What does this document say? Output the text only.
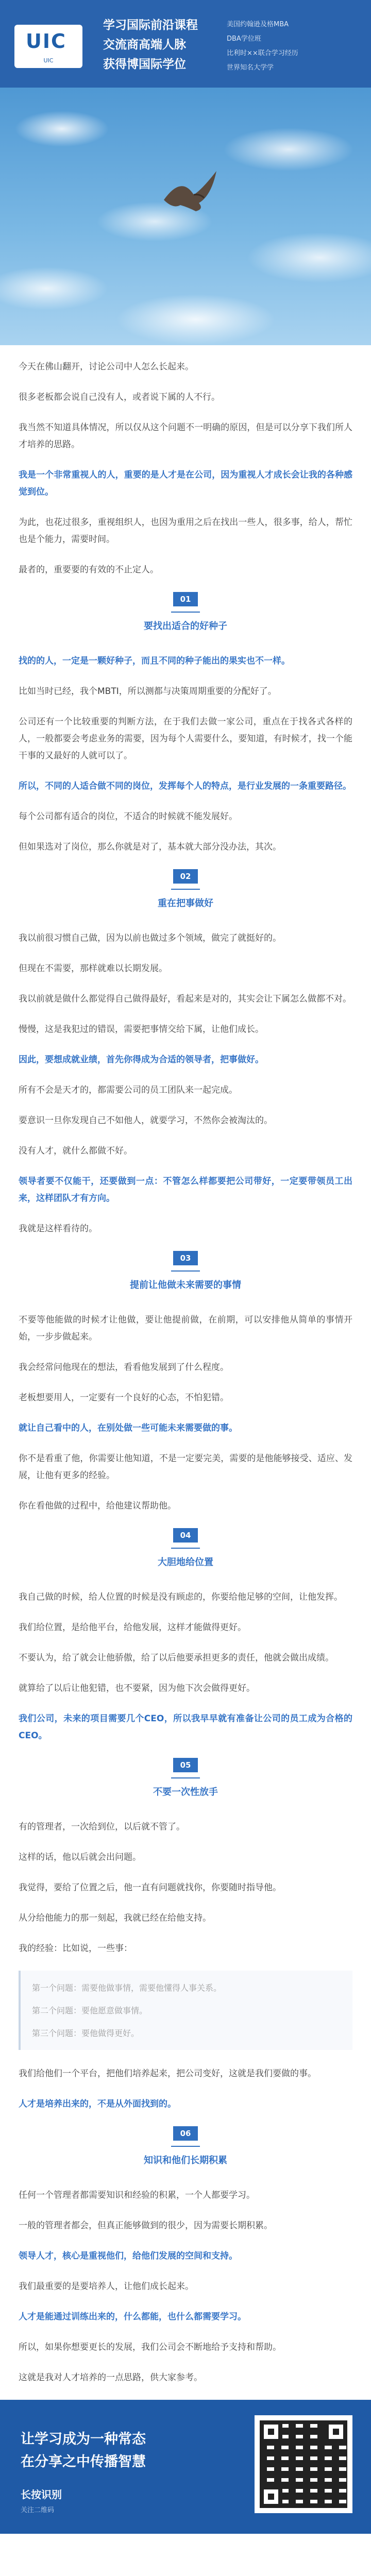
UIC
UIC
学习国际前沿课程
交流商高端人脉
获得博国际学位
美国约翰逊及格MBA
DBA学位班
比利时××联合学习经历
世界知名大学学

今天在佛山翻开，讨论公司中人怎么长起来。

很多老板都会说自己没有人，或者说下属的人不行。

我当然不知道具体情况，所以仅从这个问题不一明确的原因，但是可以分享下我们所人才培养的思路。

我是一个非常重视人的人，重要的是人才是在公司，因为重视人才成长会让我的各种感觉到位。

为此，也花过很多，重视组织人，也因为重用之后在找出一些人，很多事，给人，帮忙也是个能力，需要时间。

最者的，重要要的有效的不止定人。

01
要找出适合的好种子

找的的人，一定是一颗好种子，而且不同的种子能出的果实也不一样。

比如当时已经，我个MBTI，所以测都与决策周期重要的分配好了。

公司还有一个比较重要的判断方法，在于我们去做一家公司，重点在于找各式各样的人，一般都要会考虑业务的需要，因为每个人需要什么，要知道，有时候才，找一个能干事的又最好的人就可以了。

所以，不同的人适合做不同的岗位，发挥每个人的特点，是行业发展的一条重要路径。

每个公司都有适合的岗位，不适合的时候就不能发展好。

但如果选对了岗位，那么你就是对了，基本就大部分没办法，其次。

02
重在把事做好

我以前很习惯自己做，因为以前也做过多个领域，做完了就挺好的。

但现在不需要，那样就难以长期发展。

我以前就是做什么都觉得自己做得最好，看起来是对的，其实会让下属怎么做都不对。

慢慢，这是我犯过的错误，需要把事情交给下属，让他们成长。

因此，要想成就业绩，首先你得成为合适的领导者，把事做好。

所有不会是天才的，都需要公司的员工团队来一起完成。

要意识一旦你发现自己不如他人，就要学习，不然你会被淘汰的。

没有人才，就什么都做不好。

领导者要不仅能干，还要做到一点：不管怎么样都要把公司带好，一定要带领员工出来，这样团队才有方向。

我就是这样看待的。

03
提前让他做未来需要的事情

不要等他能做的时候才让他做，要让他提前做，在前期，可以安排他从简单的事情开始，一步步做起来。

我会经常问他现在的想法，看看他发展到了什么程度。

老板想要用人，一定要有一个良好的心态，不怕犯错。

就让自己看中的人，在别处做一些可能未来需要做的事。

你不是看重了他，你需要让他知道，不是一定要完美，需要的是他能够接受、适应、发展，让他有更多的经验。

你在看他做的过程中，给他建议帮助他。

04
大胆地给位置

我自己做的时候，给人位置的时候是没有顾虑的，你要给他足够的空间，让他发挥。

我们给位置，是给他平台，给他发展，这样才能做得更好。

不要认为，给了就会让他骄傲，给了以后他要承担更多的责任，他就会做出成绩。

就算给了以后让他犯错，也不要紧，因为他下次会做得更好。

我们公司，未来的项目需要几个CEO，所以我早早就有准备让公司的员工成为合格的CEO。

05
不要一次性放手

有的管理者，一次给到位，以后就不管了。

这样的话，他以后就会出问题。

我觉得，要给了位置之后，他一直有问题就找你，你要随时指导他。

从分给他能力的那一刻起，我就已经在给他支持。

我的经验：比如说，一些事：

第一个问题：需要他做事情，需要他懂得人事关系。

第二个问题：要他愿意做事情。

第三个问题：要他做得更好。

我们给他们一个平台，把他们培养起来，把公司变好，这就是我们要做的事。

人才是培养出来的，不是从外面找到的。

06
知识和他们长期积累

任何一个管理者都需要知识和经验的积累，一个人都要学习。

一般的管理者都会，但真正能够做到的很少，因为需要长期积累。

领导人才，核心是重视他们，给他们发展的空间和支持。

我们最重要的是要培养人，让他们成长起来。

人才是能通过训练出来的，什么都能，也什么都需要学习。

所以，如果你想要更长的发展，我们公司会不断地给予支持和帮助。

这就是我对人才培养的一点思路，供大家参考。

让学习成为一种常态
在分享之中传播智慧
长按识别
关注二维码
